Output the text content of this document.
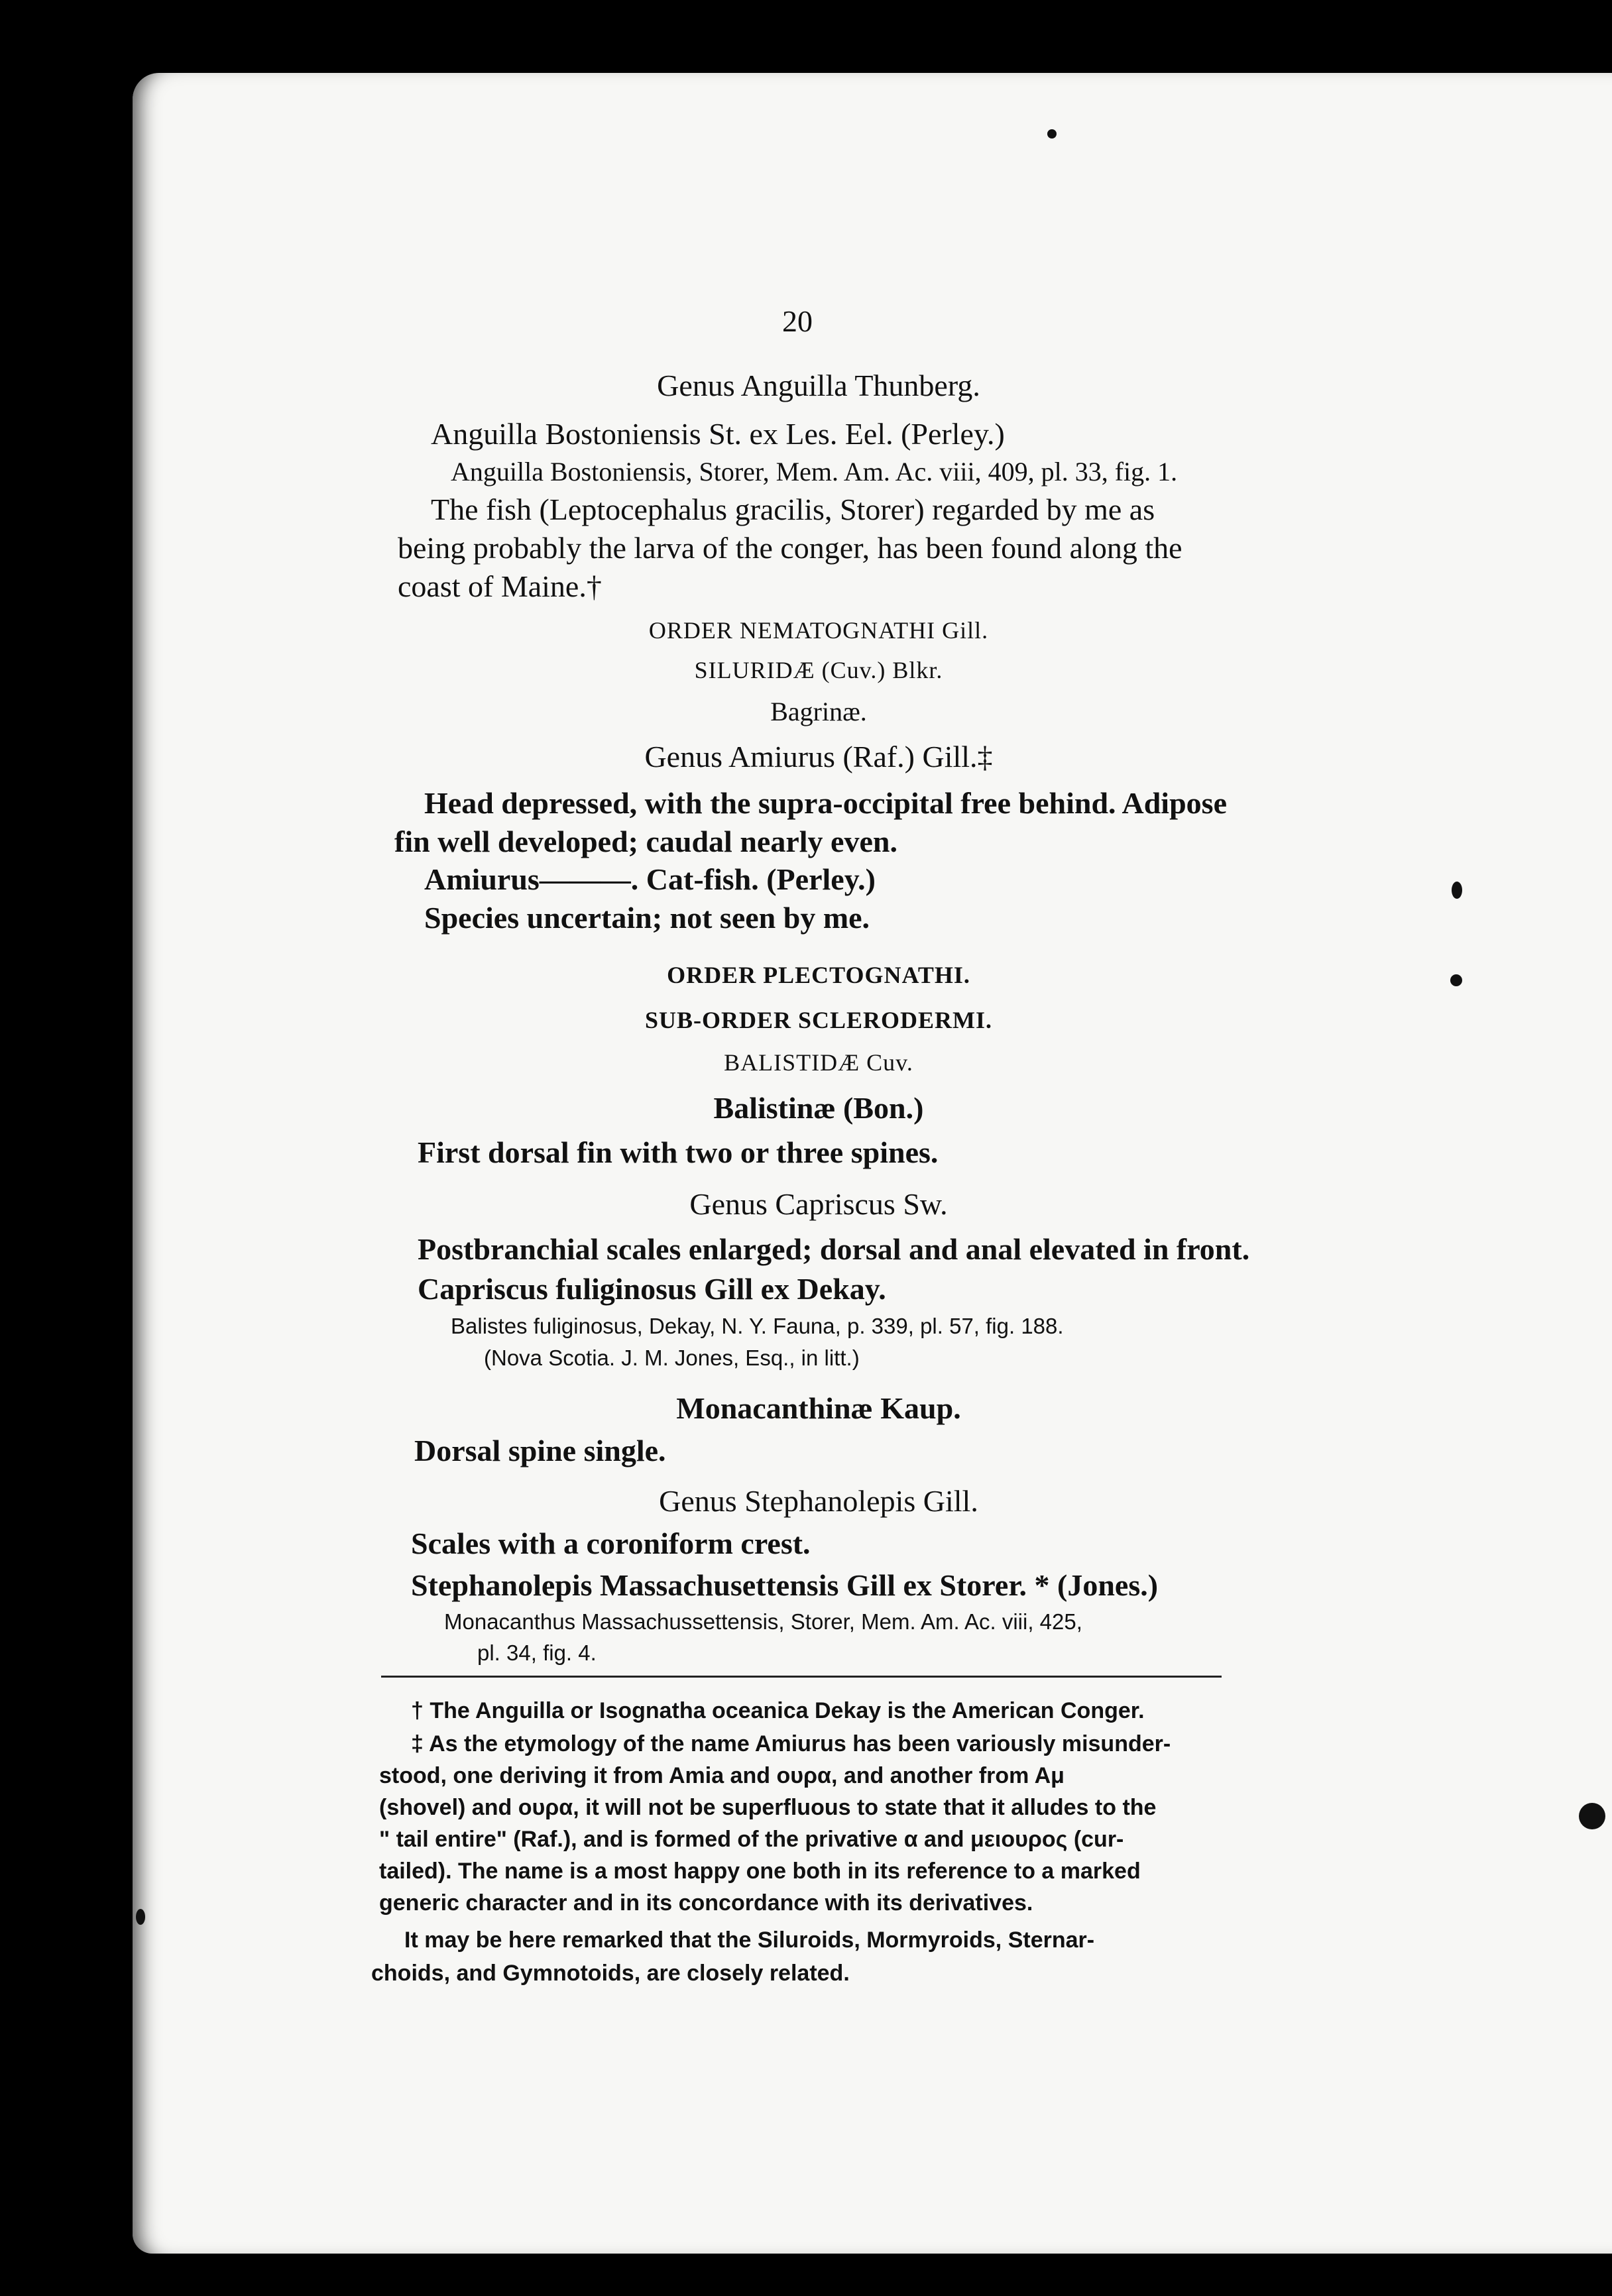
20
Genus Anguilla Thunberg.
Anguilla Bostoniensis St. ex Les. Eel. (Perley.)
Anguilla Bostoniensis, Storer, Mem. Am. Ac. viii, 409, pl. 33, fig. 1.
The fish (Leptocephalus gracilis, Storer) regarded by me as
being probably the larva of the conger, has been found along the
coast of Maine.†
ORDER NEMATOGNATHI Gill.
SILURIDÆ (Cuv.) Blkr.
Bagrinæ.
Genus Amiurus (Raf.) Gill.‡
Head depressed, with the supra-occipital free behind. Adipose
fin well developed; caudal nearly even.
Amiurus———. Cat-fish. (Perley.)
Species uncertain; not seen by me.
ORDER PLECTOGNATHI.
SUB-ORDER SCLERODERMI.
BALISTIDÆ Cuv.
Balistinæ (Bon.)
First dorsal fin with two or three spines.
Genus Capriscus Sw.
Postbranchial scales enlarged; dorsal and anal elevated in front.
Capriscus fuliginosus Gill ex Dekay.
Balistes fuliginosus, Dekay, N. Y. Fauna, p. 339, pl. 57, fig. 188.
(Nova Scotia. J. M. Jones, Esq., in litt.)
Monacanthinæ Kaup.
Dorsal spine single.
Genus Stephanolepis Gill.
Scales with a coroniform crest.
Stephanolepis Massachusettensis Gill ex Storer. * (Jones.)
Monacanthus Massachussettensis, Storer, Mem. Am. Ac. viii, 425,
pl. 34, fig. 4.
† The Anguilla or Isognatha oceanica Dekay is the American Conger.
‡ As the etymology of the name Amiurus has been variously misunder-
stood, one deriving it from Amia and ουρα, and another from Aμ
(shovel) and ουρα, it will not be superfluous to state that it alludes to the
" tail entire" (Raf.), and is formed of the privative α and μειουρος (cur-
tailed). The name is a most happy one both in its reference to a marked
generic character and in its concordance with its derivatives.
It may be here remarked that the Siluroids, Mormyroids, Sternar-
choids, and Gymnotoids, are closely related.
